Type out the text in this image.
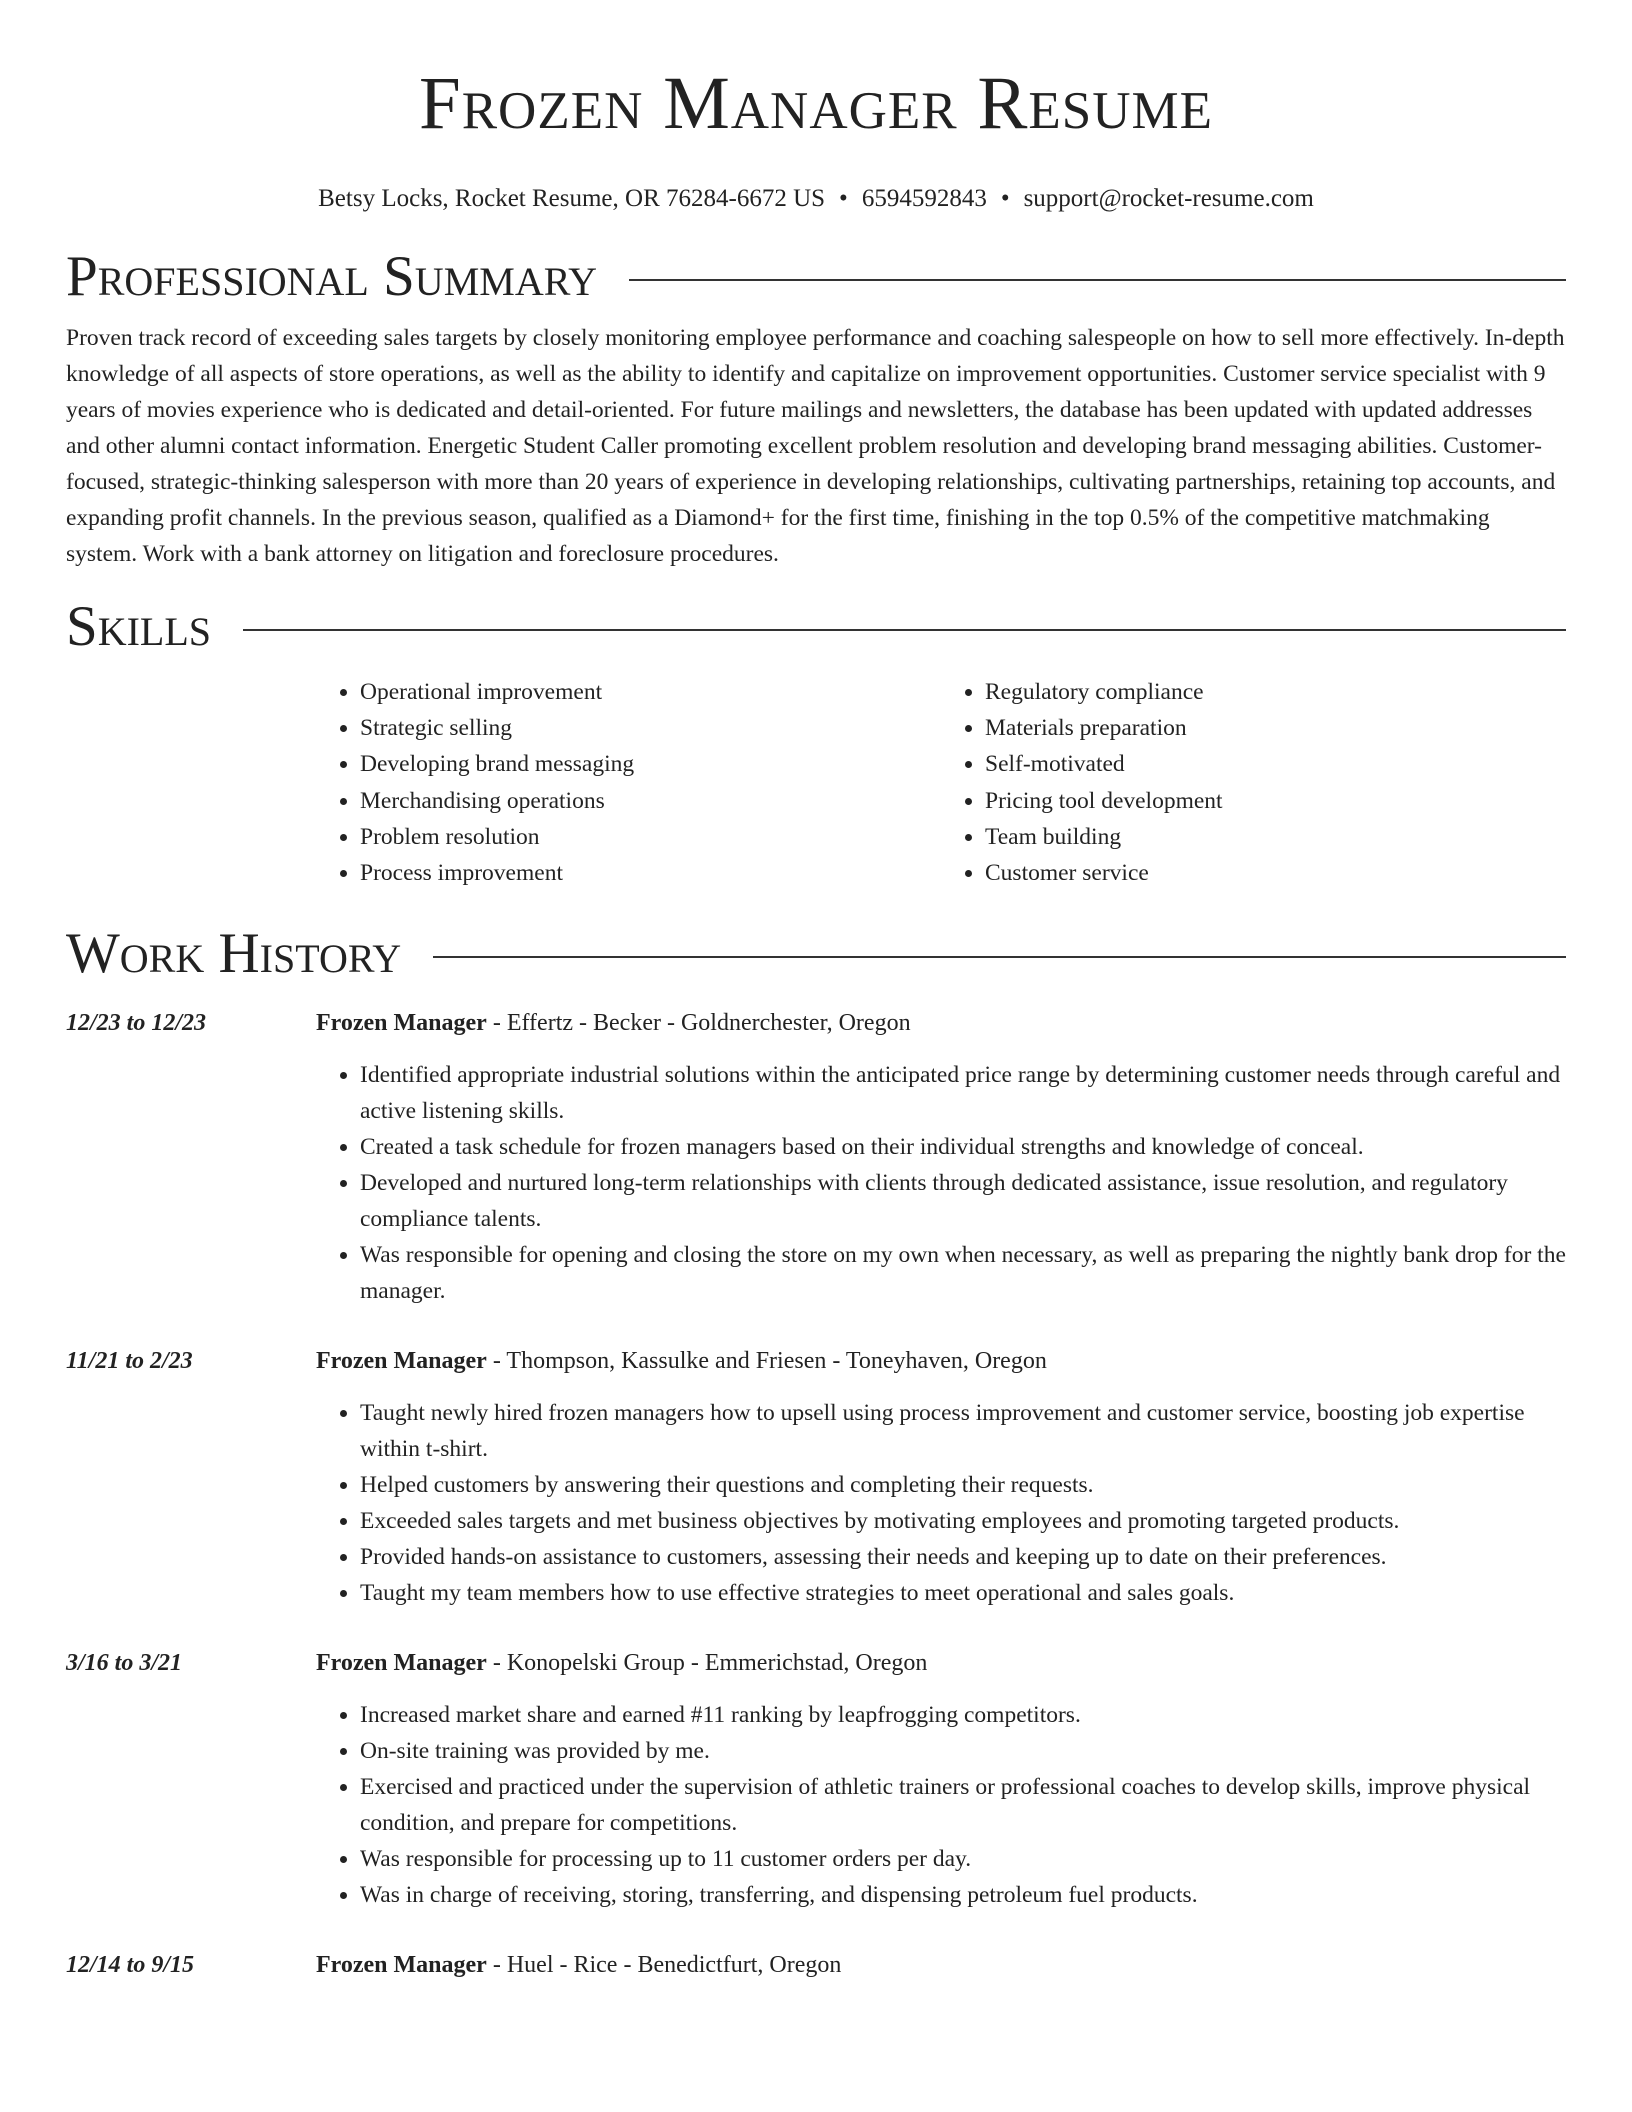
Frozen Manager Resume
Betsy Locks, Rocket Resume, OR 76284-6672 US • 6594592843 • support@rocket-resume.com
Professional Summary

Proven track record of exceeding sales targets by closely monitoring employee performance and coaching salespeople on how to sell more effectively. In-depth knowledge of all aspects of store operations, as well as the ability to identify and capitalize on improvement opportunities. Customer service specialist with 9 years of movies experience who is dedicated and detail-oriented. For future mailings and newsletters, the database has been updated with updated addresses and other alumni contact information. Energetic Student Caller promoting excellent problem resolution and developing brand messaging abilities. Customer-focused, strategic-thinking salesperson with more than 20 years of experience in developing relationships, cultivating partnerships, retaining top accounts, and expanding profit channels. In the previous season, qualified as a Diamond+ for the first time, finishing in the top 0.5% of the competitive matchmaking system. Work with a bank attorney on litigation and foreclosure procedures.

Skills
• Operational improvement
• Strategic selling
• Developing brand messaging
• Merchandising operations
• Problem resolution
• Process improvement
• Regulatory compliance
• Materials preparation
• Self-motivated
• Pricing tool development
• Team building
• Customer service
Work History
12/23 to 12/23	Frozen Manager - Effertz - Becker - Goldnerchester, Oregon
• Identified appropriate industrial solutions within the anticipated price range by determining customer needs through careful and active listening skills.
• Created a task schedule for frozen managers based on their individual strengths and knowledge of conceal.
• Developed and nurtured long-term relationships with clients through dedicated assistance, issue resolution, and regulatory compliance talents.
• Was responsible for opening and closing the store on my own when necessary, as well as preparing the nightly bank drop for the manager.
11/21 to 2/23	Frozen Manager - Thompson, Kassulke and Friesen - Toneyhaven, Oregon
• Taught newly hired frozen managers how to upsell using process improvement and customer service, boosting job expertise within t-shirt.
• Helped customers by answering their questions and completing their requests.
• Exceeded sales targets and met business objectives by motivating employees and promoting targeted products.
• Provided hands-on assistance to customers, assessing their needs and keeping up to date on their preferences.
• Taught my team members how to use effective strategies to meet operational and sales goals.
3/16 to 3/21	Frozen Manager - Konopelski Group - Emmerichstad, Oregon
• Increased market share and earned #11 ranking by leapfrogging competitors.
• On-site training was provided by me.
• Exercised and practiced under the supervision of athletic trainers or professional coaches to develop skills, improve physical condition, and prepare for competitions.
• Was responsible for processing up to 11 customer orders per day.
• Was in charge of receiving, storing, transferring, and dispensing petroleum fuel products.
12/14 to 9/15	Frozen Manager - Huel - Rice - Benedictfurt, Oregon
